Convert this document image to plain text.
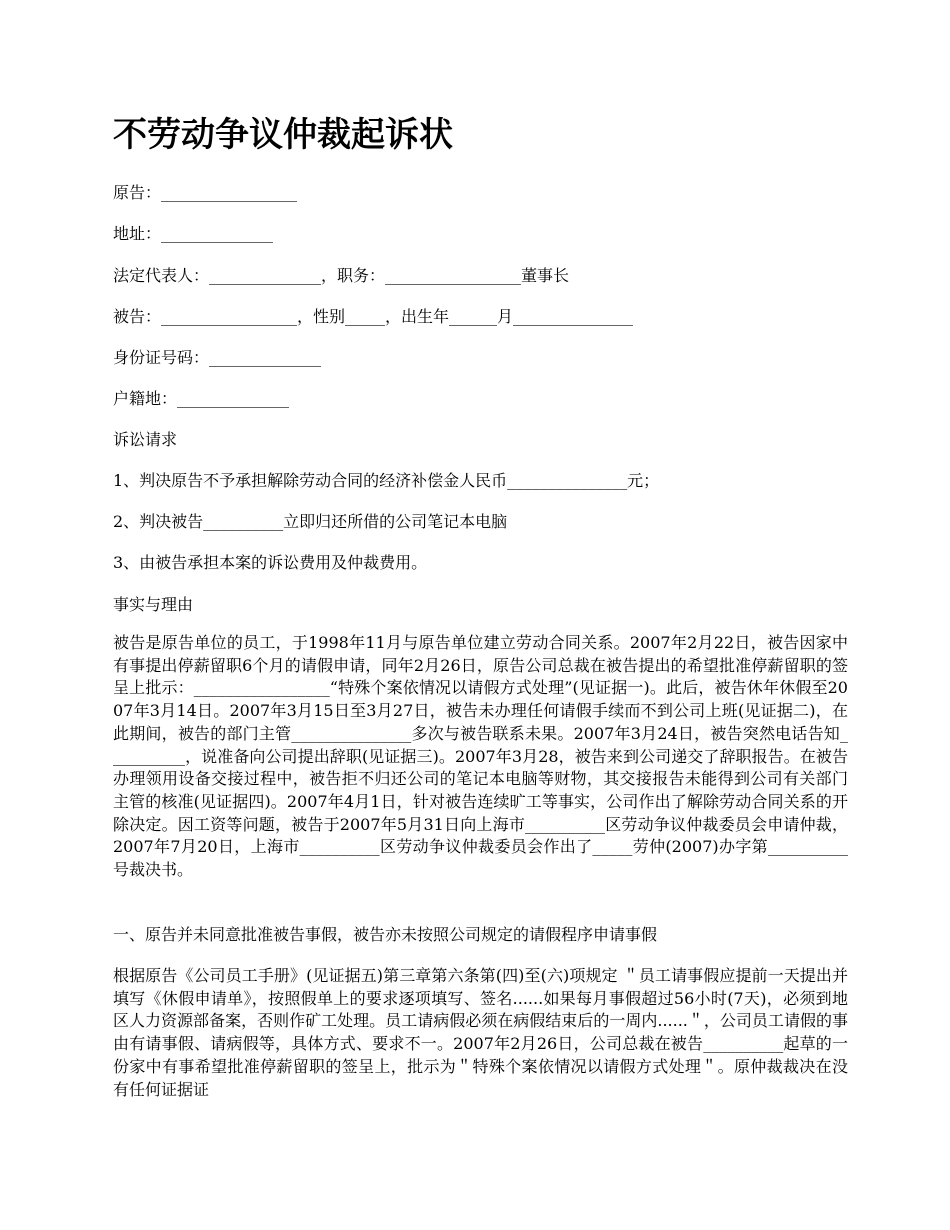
不劳动争议仲裁起诉状

原告：_________________

地址：______________

法定代表人：______________，职务：_________________董事长

被告：_________________，性别_____，出生年______月_______________

身份证号码：______________

户籍地：______________

诉讼请求

1、判决原告不予承担解除劳动合同的经济补偿金人民币_______________元；

2、判决被告__________立即归还所借的公司笔记本电脑

3、由被告承担本案的诉讼费用及仲裁费用。

事实与理由

被告是原告单位的员工，于1998年11月与原告单位建立劳动合同关系。2007年2月22日，被告因家中有事提出停薪留职6个月的请假申请，同年2月26日，原告公司总裁在被告提出的希望批准停薪留职的签呈上批示：_________________“特殊个案依情况以请假方式处理”(见证据一)。此后，被告休年休假至2007年3月14日。2007年3月15日至3月27日，被告未办理任何请假手续而不到公司上班(见证据二)，在此期间，被告的部门主管_______________多次与被告联系未果。2007年3月24日，被告突然电话告知__________，说准备向公司提出辞职(见证据三)。2007年3月28，被告来到公司递交了辞职报告。在被告办理领用设备交接过程中，被告拒不归还公司的笔记本电脑等财物，其交接报告未能得到公司有关部门主管的核准(见证据四)。2007年4月1日，针对被告连续旷工等事实，公司作出了解除劳动合同关系的开除决定。因工资等问题，被告于2007年5月31日向上海市__________区劳动争议仲裁委员会申请仲裁，2007年7月20日，上海市__________区劳动争议仲裁委员会作出了_____劳仲(2007)办字第__________号裁决书。

一、原告并未同意批准被告事假，被告亦未按照公司规定的请假程序申请事假

根据原告《公司员工手册》(见证据五)第三章第六条第(四)至(六)项规定 ＂员工请事假应提前一天提出并填写《休假申请单》，按照假单上的要求逐项填写、签名......如果每月事假超过56小时(7天)，必须到地区人力资源部备案，否则作矿工处理。员工请病假必须在病假结束后的一周内......＂，公司员工请假的事由有请事假、请病假等，具体方式、要求不一。2007年2月26日，公司总裁在被告__________起草的一份家中有事希望批准停薪留职的签呈上，批示为＂特殊个案依情况以请假方式处理＂。原仲裁裁决在没有任何证据证
